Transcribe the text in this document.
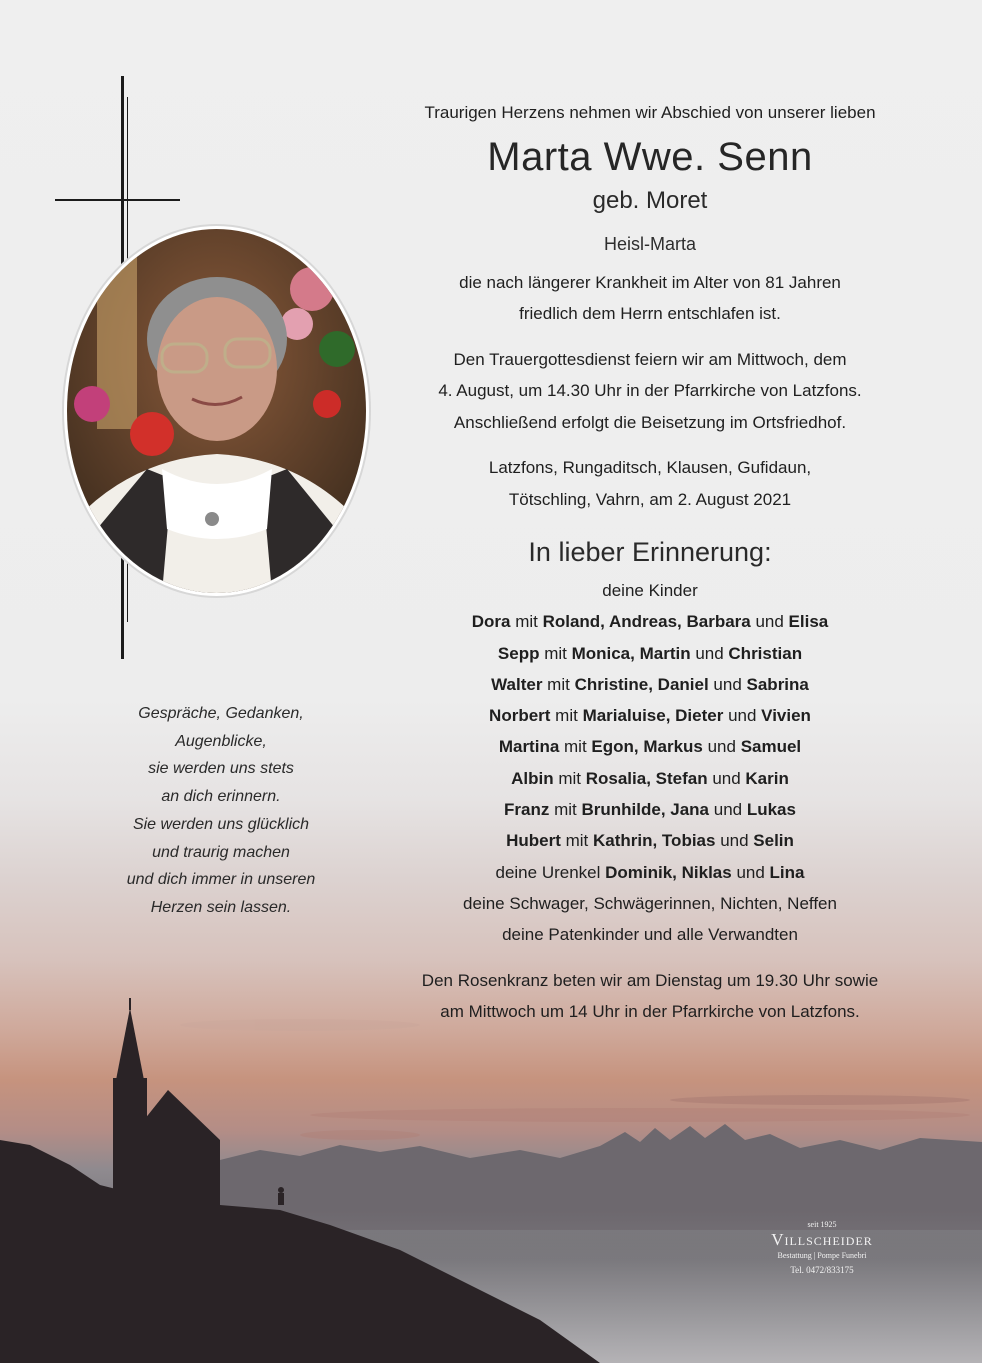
Traurigen Herzens nehmen wir Abschied von unserer lieben

Marta Wwe. Senn

geb. Moret

Heisl-Marta

die nach längerer Krankheit im Alter von 81 Jahren

friedlich dem Herrn entschlafen ist.

Den Trauergottesdienst feiern wir am Mittwoch, dem

4. August, um 14.30 Uhr in der Pfarrkirche von Latzfons.

Anschließend erfolgt die Beisetzung im Ortsfriedhof.

Latzfons, Rungaditsch, Klausen, Gufidaun,

Tötschling, Vahrn, am 2. August 2021

In lieber Erinnerung:

deine Kinder

Dora mit Roland, Andreas, Barbara und Elisa

Sepp mit Monica, Martin und Christian

Walter mit Christine, Daniel und Sabrina

Norbert mit Marialuise, Dieter und Vivien

Martina mit Egon, Markus und Samuel

Albin mit Rosalia, Stefan und Karin

Franz mit Brunhilde, Jana und Lukas

Hubert mit Kathrin, Tobias und Selin

deine Urenkel Dominik, Niklas und Lina

deine Schwager, Schwägerinnen, Nichten, Neffen

deine Patenkinder und alle Verwandten

Den Rosenkranz beten wir am Dienstag um 19.30 Uhr sowie

am Mittwoch um 14 Uhr in der Pfarrkirche von Latzfons.

Gespräche, Gedanken,

Augenblicke,

sie werden uns stets

an dich erinnern.

Sie werden uns glücklich

und traurig machen

und dich immer in unseren

Herzen sein lassen.

seit 1925
Villscheider
Bestattung | Pompe Funebri
Tel. 0472/833175
